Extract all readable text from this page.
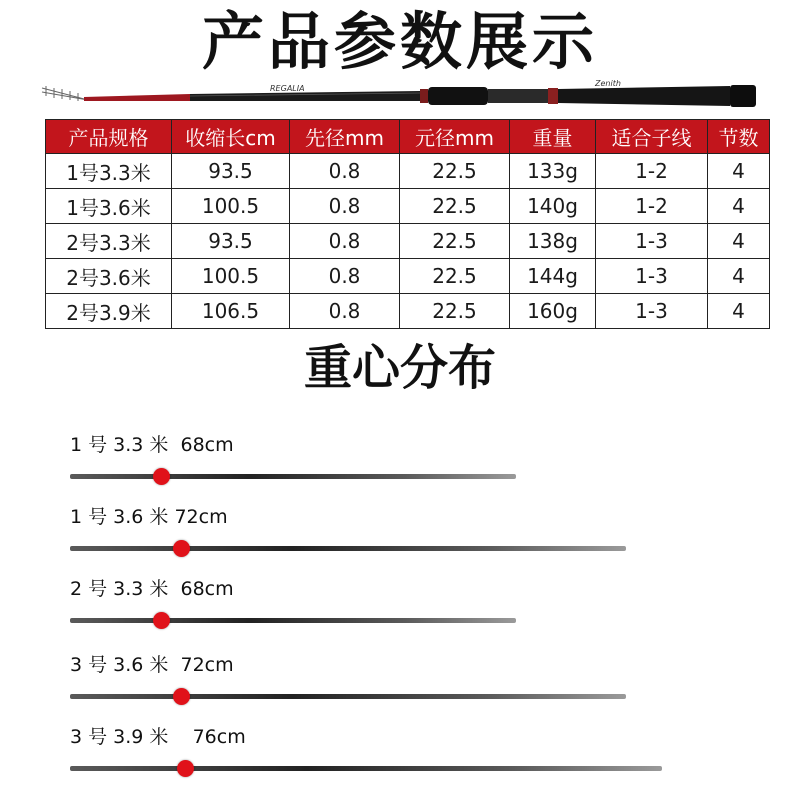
产品参数展示
REGALIA
Zenith
产品规格	收缩长cm	先径mm	元径mm	重量	适合子线	节数
1号3.3米	93.5	0.8	22.5	133g	1-2	4
1号3.6米	100.5	0.8	22.5	140g	1-2	4
2号3.3米	93.5	0.8	22.5	138g	1-3	4
2号3.6米	100.5	0.8	22.5	144g	1-3	4
2号3.9米	106.5	0.8	22.5	160g	1-3	4
重心分布
1 号 3.3 米  68cm
1 号 3.6 米 72cm
2 号 3.3 米  68cm
3 号 3.6 米  72cm
3 号 3.9 米    76cm
